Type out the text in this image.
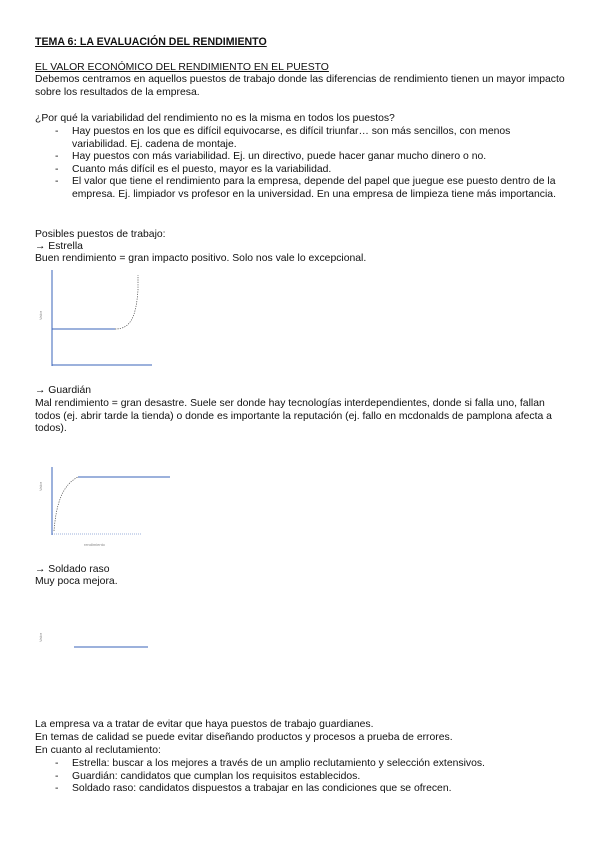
TEMA 6: LA EVALUACIÓN DEL RENDIMIENTO
EL VALOR ECONÓMICO DEL RENDIMIENTO EN EL PUESTO
Debemos centramos en aquellos puestos de trabajo donde las diferencias de rendimiento tienen un mayor impacto sobre los resultados de la empresa.
¿Por qué la variabilidad del rendimiento no es la misma en todos los puestos?
- Hay puestos en los que es difícil equivocarse, es difícil triunfar… son más sencillos, con menos variabilidad. Ej. cadena de montaje.
- Hay puestos con más variabilidad. Ej. un directivo, puede hacer ganar mucho dinero o no.
- Cuanto más difícil es el puesto, mayor es la variabilidad.
- El valor que tiene el rendimiento para la empresa, depende del papel que juegue ese puesto dentro de la empresa. Ej. limpiador vs profesor en la universidad. En una empresa de limpieza tiene más importancia.
Posibles puestos de trabajo:
→ Estrella
Buen rendimiento = gran impacto positivo. Solo nos vale lo excepcional.
Valor
→ Guardián
Mal rendimiento = gran desastre. Suele ser donde hay tecnologías interdependientes, donde si falla uno, fallan todos (ej. abrir tarde la tienda) o donde es importante la reputación (ej. fallo en mcdonalds de pamplona afecta a todos).
Valor
rendimiento
→ Soldado raso
Muy poca mejora.
Valor
La empresa va a tratar de evitar que haya puestos de trabajo guardianes.
En temas de calidad se puede evitar diseñando productos y procesos a prueba de errores.
En cuanto al reclutamiento:
- Estrella: buscar a los mejores a través de un amplio reclutamiento y selección extensivos.
- Guardián: candidatos que cumplan los requisitos establecidos.
- Soldado raso: candidatos dispuestos a trabajar en las condiciones que se ofrecen.
